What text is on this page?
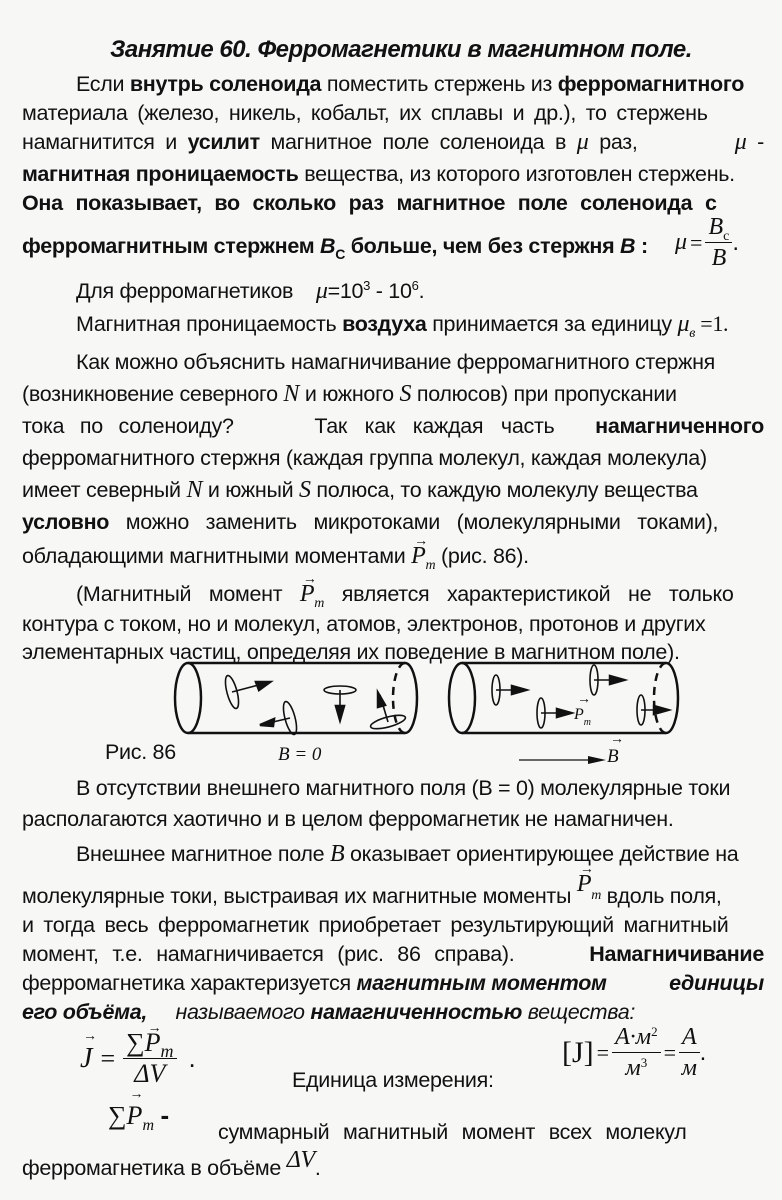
Занятие 60. Ферромагнетики в магнитном поле.
Если внутрь соленоида поместить стержень из ферромагнитного
материала (железо, никель, кобальт, их сплавы и др.), то стержень
намагнитится и усилит магнитное поле соленоида в μ раз,	μ -
магнитная проницаемость вещества, из которого изготовлен стержень.
Она показывает, во сколько раз магнитное поле соленоида с
ферромагнитным стержнем $B_C$ больше, чем без стержня B :	$\mu = \frac{B_c}{B}$ .
Для ферромагнетиков $\mu=10^3 - 10^6$.
Магнитная проницаемость воздуха принимается за единицу $\mu_в =1$.
Как можно объяснить намагничивание ферромагнитного стержня
(возникновение северного N и южного S полюсов) при пропускании
тока по соленоиду?	Так как каждая часть намагниченного
ферромагнитного стержня (каждая группа молекул, каждая молекула)
имеет северный N и южный S полюса, то каждую молекулу вещества
условно можно заменить микротоками (молекулярными токами),
обладающими магнитными моментами → $P_m$ (рис. 86).
(Магнитный момент → $P_m$ является характеристикой не только
контура с током, но и молекул, атомов, электронов, протонов и других
элементарных частиц, определяя их поведение в магнитном поле).
→ $P_m$
Рис. 86	B = 0	→ B
В отсутствии внешнего магнитного поля (B = 0) молекулярные токи
располагаются хаотично и в целом ферромагнетик не намагничен.
Внешнее магнитное поле B оказывает ориентирующее действие на
молекулярные токи, выстраивая их магнитные моменты → $P_m$ вдоль поля,
и тогда весь ферромагнетик приобретает результирующий магнитный
момент, т.е. намагничивается (рис. 86 справа).	Намагничивание
ферромагнетика характеризуется магнитным моментом	единицы
его объёма, называемого намагниченностью вещества:
→ $J = \frac{\sum\to P_m}{\Delta V}$ .
Единица измерения:
$[J] = \frac{A\cdot м^2}{м^3} = \frac{A}{м}$ .
∑→ $P_m$ -
суммарный магнитный момент всех молекул
ферромагнетика в объёме ΔV.
